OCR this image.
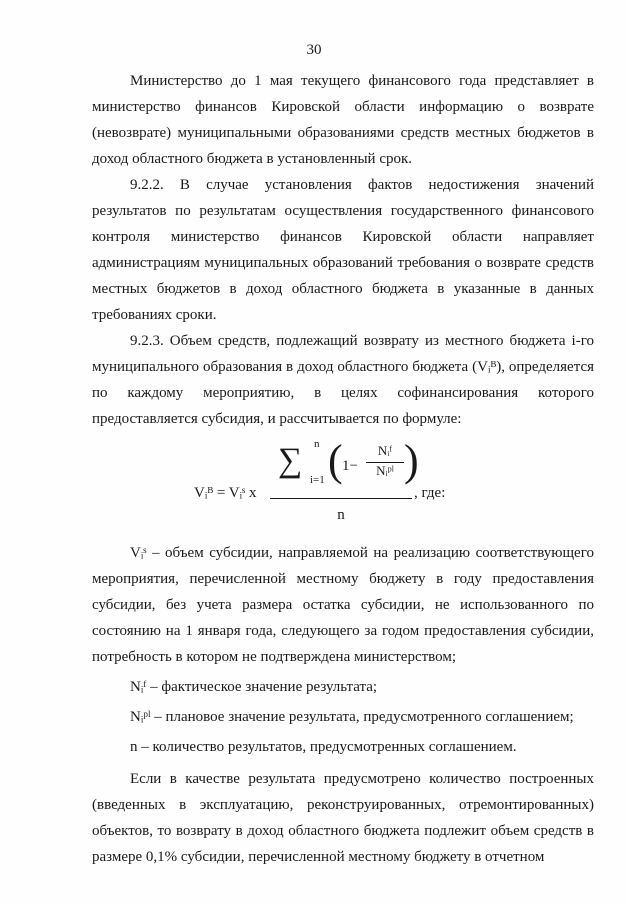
30

Министерство до 1 мая текущего финансового года представляет в министерство финансов Кировской области информацию о возврате (невозврате) муниципальными образованиями средств местных бюджетов в доход областного бюджета в установленный срок.

9.2.2. В случае установления фактов недостижения значений результатов по результатам осуществления государственного финансового контроля министерство финансов Кировской области направляет администрациям муниципальных образований требования о возврате средств местных бюджетов в доход областного бюджета в указанные в данных требованиях сроки.

9.2.3. Объем средств, подлежащий возврату из местного бюджета i-го муниципального образования в доход областного бюджета (Vᵢᴮ), определяется по каждому мероприятию, в целях софинансирования которого предоставляется субсидия, и рассчитывается по формуле:

Vᵢᴮ = Vᵢˢ x
∑ n
i=1 ( 1−
Nᵢᶠ
Nᵢᵖˡ )
n
, где:

Vᵢˢ – объем субсидии, направляемой на реализацию соответствующего мероприятия, перечисленной местному бюджету в году предоставления субсидии, без учета размера остатка субсидии, не использованного по состоянию на 1 января года, следующего за годом предоставления субсидии, потребность в котором не подтверждена министерством;

Nᵢᶠ – фактическое значение результата;

Nᵢᵖˡ – плановое значение результата, предусмотренного соглашением;

n – количество результатов, предусмотренных соглашением.

Если в качестве результата предусмотрено количество построенных (введенных в эксплуатацию, реконструированных, отремонтированных) объектов, то возврату в доход областного бюджета подлежит объем средств в размере 0,1% субсидии, перечисленной местному бюджету в отчетном
